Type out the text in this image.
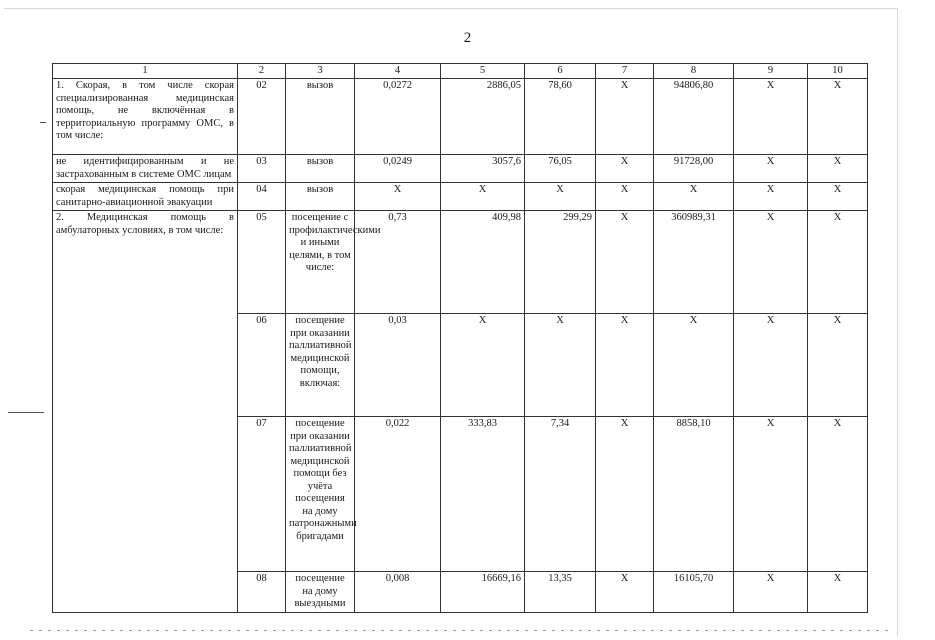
2
1	2	3	4	5	6	7	8	9	10
1. Скорая, в том числе скорая специализированная медицинская помощь, не включённая в территориальную программу ОМС, в том числе:	02	вызов	0,0272	2886,05	78,60	Х	94806,80	Х	Х
не идентифицированным и не застрахованным в системе ОМС лицам	03	вызов	0,0249	3057,6	76,05	Х	91728,00	Х	Х
скорая медицинская помощь при санитарно-авиационной эвакуации	04	вызов	Х	Х	Х	Х	Х	Х	Х
2. Медицинская помощь в амбулаторных условиях, в том числе:	05	посещение с профилактическими и иными целями, в том числе:	0,73	409,98	299,29	Х	360989,31	Х	Х
	06	посещение при оказании паллиативной медицинской помощи, включая:	0,03	Х	Х	Х	Х	Х	Х
	07	посещение при оказании паллиативной медицинской помощи без учёта посещения на дому патронажными бригадами	0,022	333,83	7,34	Х	8858,10	Х	Х
	08	посещение на дому выездными	0,008	16669,16	13,35	Х	16105,70	Х	Х
